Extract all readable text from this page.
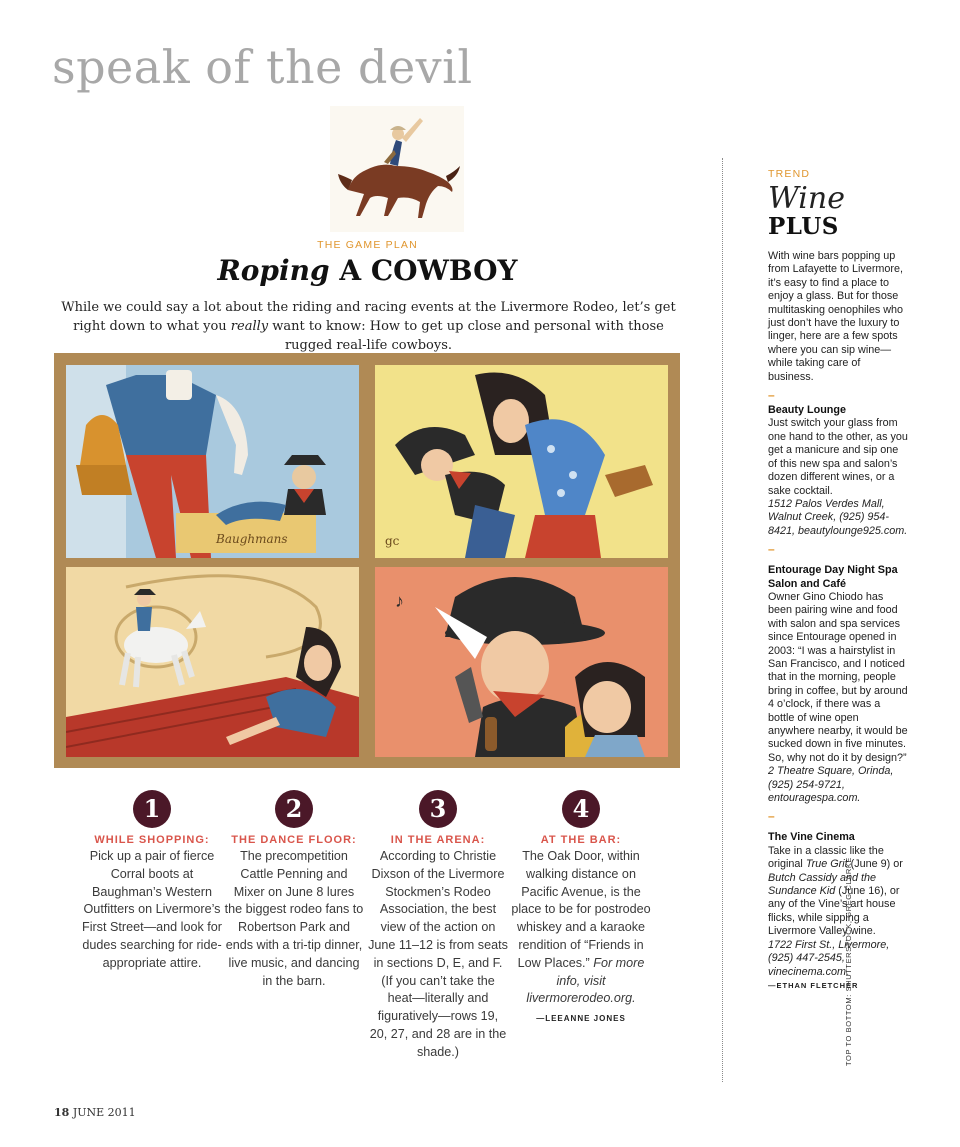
speak of the devil
THE GAME PLAN
Roping A COWBOY
While we could say a lot about the riding and racing events at the Livermore Rodeo, let’s get right down to what you really want to know: How to get up close and personal with those rugged real-life cowboys.
Baughmans	gc
♪
1
WHILE SHOPPING:
Pick up a pair of fierce Corral boots at Baughman’s Western Outfitters on Livermore’s First Street—and look for dudes searching for ride-appropriate attire.
2
THE DANCE FLOOR:
The precompetition Cattle Penning and Mixer on June 8 lures the biggest rodeo fans to Robertson Park and ends with a tri-tip dinner, live music, and dancing in the barn.
3
IN THE ARENA:
According to Christie Dixson of the Livermore Stockmen’s Rodeo Association, the best view of the action on June 11–12 is from seats in sections D, E, and F. (If you can’t take the heat—literally and figuratively—rows 19, 20, 27, and 28 are in the shade.)
4
AT THE BAR:
The Oak Door, within walking distance on Pacific Avenue, is the place to be for postrodeo whiskey and a karaoke rendition of “Friends in Low Places.” For more info, visit livermorerodeo.org.
—LEEANNE JONES
TREND
Wine
PLUS
With wine bars popping up from Lafayette to Livermore, it’s easy to find a place to enjoy a glass. But for those multitasking oenophiles who just don’t have the luxury to linger, here are a few spots where you can sip wine—while taking care of business.
–
Beauty Lounge
Just switch your glass from one hand to the other, as you get a manicure and sip one of this new spa and salon’s dozen different wines, or a sake cocktail.
1512 Palos Verdes Mall, Walnut Creek, (925) 954-8421, beautylounge925.com.
–
Entourage Day Night Spa Salon and Café
Owner Gino Chiodo has been pairing wine and food with salon and spa services since Entourage opened in 2003: “I was a hairstylist in San Francisco, and I noticed that in the morning, people bring in coffee, but by around 4 o’clock, if there was a bottle of wine open anywhere nearby, it would be sucked down in five minutes. So, why not do it by design?”
2 Theatre Square, Orinda, (925) 254-9721, entouragespa.com.
–
The Vine Cinema
Take in a classic like the original True Grit (June 9) or Butch Cassidy and the Sundance Kid (June 16), or any of the Vine’s art house flicks, while sipping a Livermore Valley wine.
1722 First St., Livermore, (925) 447-2545, vinecinema.com.
—ETHAN FLETCHER
TOP TO BOTTOM: SHUTTERSTOCK, GREG CLARKE
18 JUNE 2011
